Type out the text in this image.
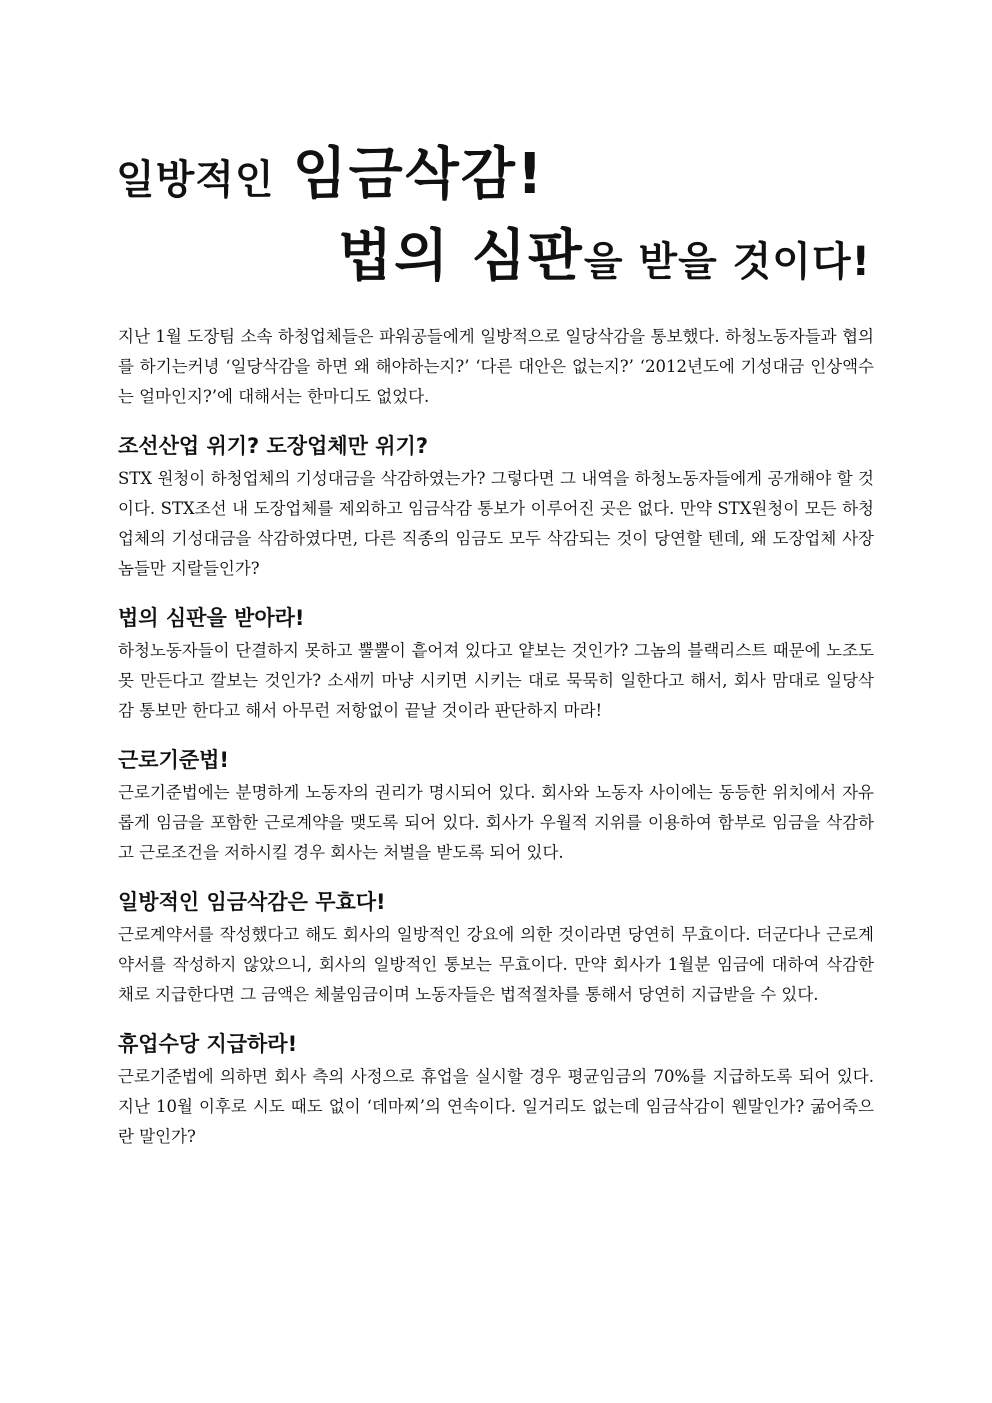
일방적인 임금삭감!
법의 심판을 받을 것이다!

지난 1월 도장팀 소속 하청업체들은 파워공들에게 일방적으로 일당삭감을 통보했다. 하청노동자들과 협의를 하기는커녕 ‘일당삭감을 하면 왜 해야하는지?’ ‘다른 대안은 없는지?’ ‘2012년도에 기성대금 인상액수는 얼마인지?’에 대해서는 한마디도 없었다.

조선산업 위기? 도장업체만 위기?

STX 원청이 하청업체의 기성대금을 삭감하였는가? 그렇다면 그 내역을 하청노동자들에게 공개해야 할 것이다. STX조선 내 도장업체를 제외하고 임금삭감 통보가 이루어진 곳은 없다. 만약 STX원청이 모든 하청업체의 기성대금을 삭감하였다면, 다른 직종의 임금도 모두 삭감되는 것이 당연할 텐데, 왜 도장업체 사장놈들만 지랄들인가?

법의 심판을 받아라!

하청노동자들이 단결하지 못하고 뿔뿔이 흩어져 있다고 얕보는 것인가? 그놈의 블랙리스트 때문에 노조도 못 만든다고 깔보는 것인가? 소새끼 마냥 시키면 시키는 대로 묵묵히 일한다고 해서, 회사 맘대로 일당삭감 통보만 한다고 해서 아무런 저항없이 끝날 것이라 판단하지 마라!

근로기준법!

근로기준법에는 분명하게 노동자의 권리가 명시되어 있다. 회사와 노동자 사이에는 동등한 위치에서 자유롭게 임금을 포함한 근로계약을 맺도록 되어 있다. 회사가 우월적 지위를 이용하여 함부로 임금을 삭감하고 근로조건을 저하시킬 경우 회사는 처벌을 받도록 되어 있다.

일방적인 임금삭감은 무효다!

근로계약서를 작성했다고 해도 회사의 일방적인 강요에 의한 것이라면 당연히 무효이다. 더군다나 근로계약서를 작성하지 않았으니, 회사의 일방적인 통보는 무효이다. 만약 회사가 1월분 임금에 대하여 삭감한 채로 지급한다면 그 금액은 체불임금이며 노동자들은 법적절차를 통해서 당연히 지급받을 수 있다.

휴업수당 지급하라!

근로기준법에 의하면 회사 측의 사정으로 휴업을 실시할 경우 평균임금의 70%를 지급하도록 되어 있다. 지난 10월 이후로 시도 때도 없이 ‘데마찌’의 연속이다. 일거리도 없는데 임금삭감이 웬말인가? 굶어죽으란 말인가?
